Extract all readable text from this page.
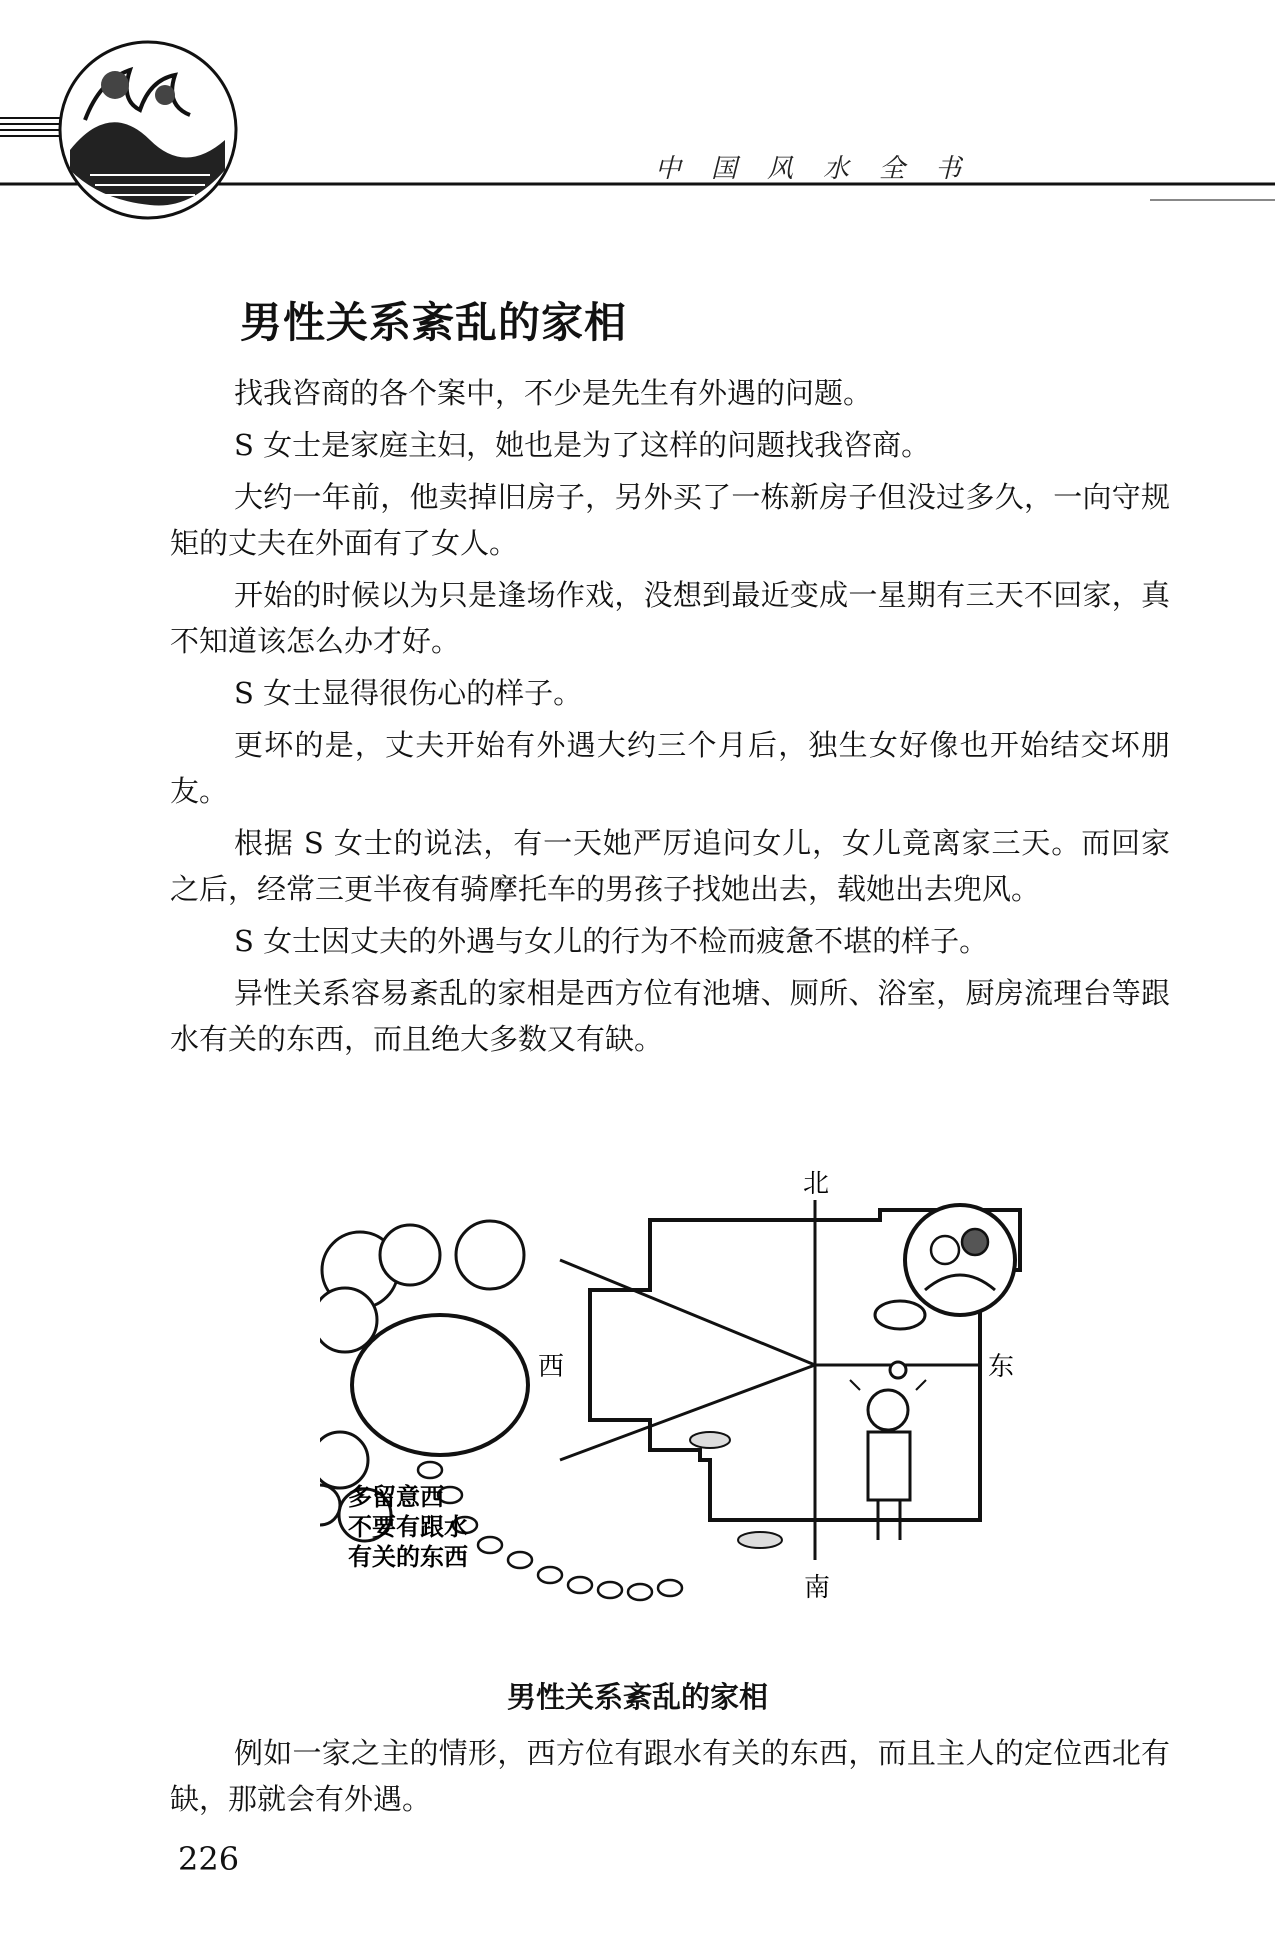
中国风水全书
男性关系紊乱的家相

找我咨商的各个案中，不少是先生有外遇的问题。

S 女士是家庭主妇，她也是为了这样的问题找我咨商。

大约一年前，他卖掉旧房子，另外买了一栋新房子但没过多久，一向守规矩的丈夫在外面有了女人。

开始的时候以为只是逢场作戏，没想到最近变成一星期有三天不回家，真不知道该怎么办才好。

S 女士显得很伤心的样子。

更坏的是，丈夫开始有外遇大约三个月后，独生女好像也开始结交坏朋友。

根据 S 女士的说法，有一天她严厉追问女儿，女儿竟离家三天。而回家之后，经常三更半夜有骑摩托车的男孩子找她出去，载她出去兜风。

S 女士因丈夫的外遇与女儿的行为不检而疲惫不堪的样子。

异性关系容易紊乱的家相是西方位有池塘、厕所、浴室，厨房流理台等跟水有关的东西，而且绝大多数又有缺。

北
南
东
西
多留意西
不要有跟水
有关的东西
男性关系紊乱的家相

例如一家之主的情形，西方位有跟水有关的东西，而且主人的定位西北有缺，那就会有外遇。

226
